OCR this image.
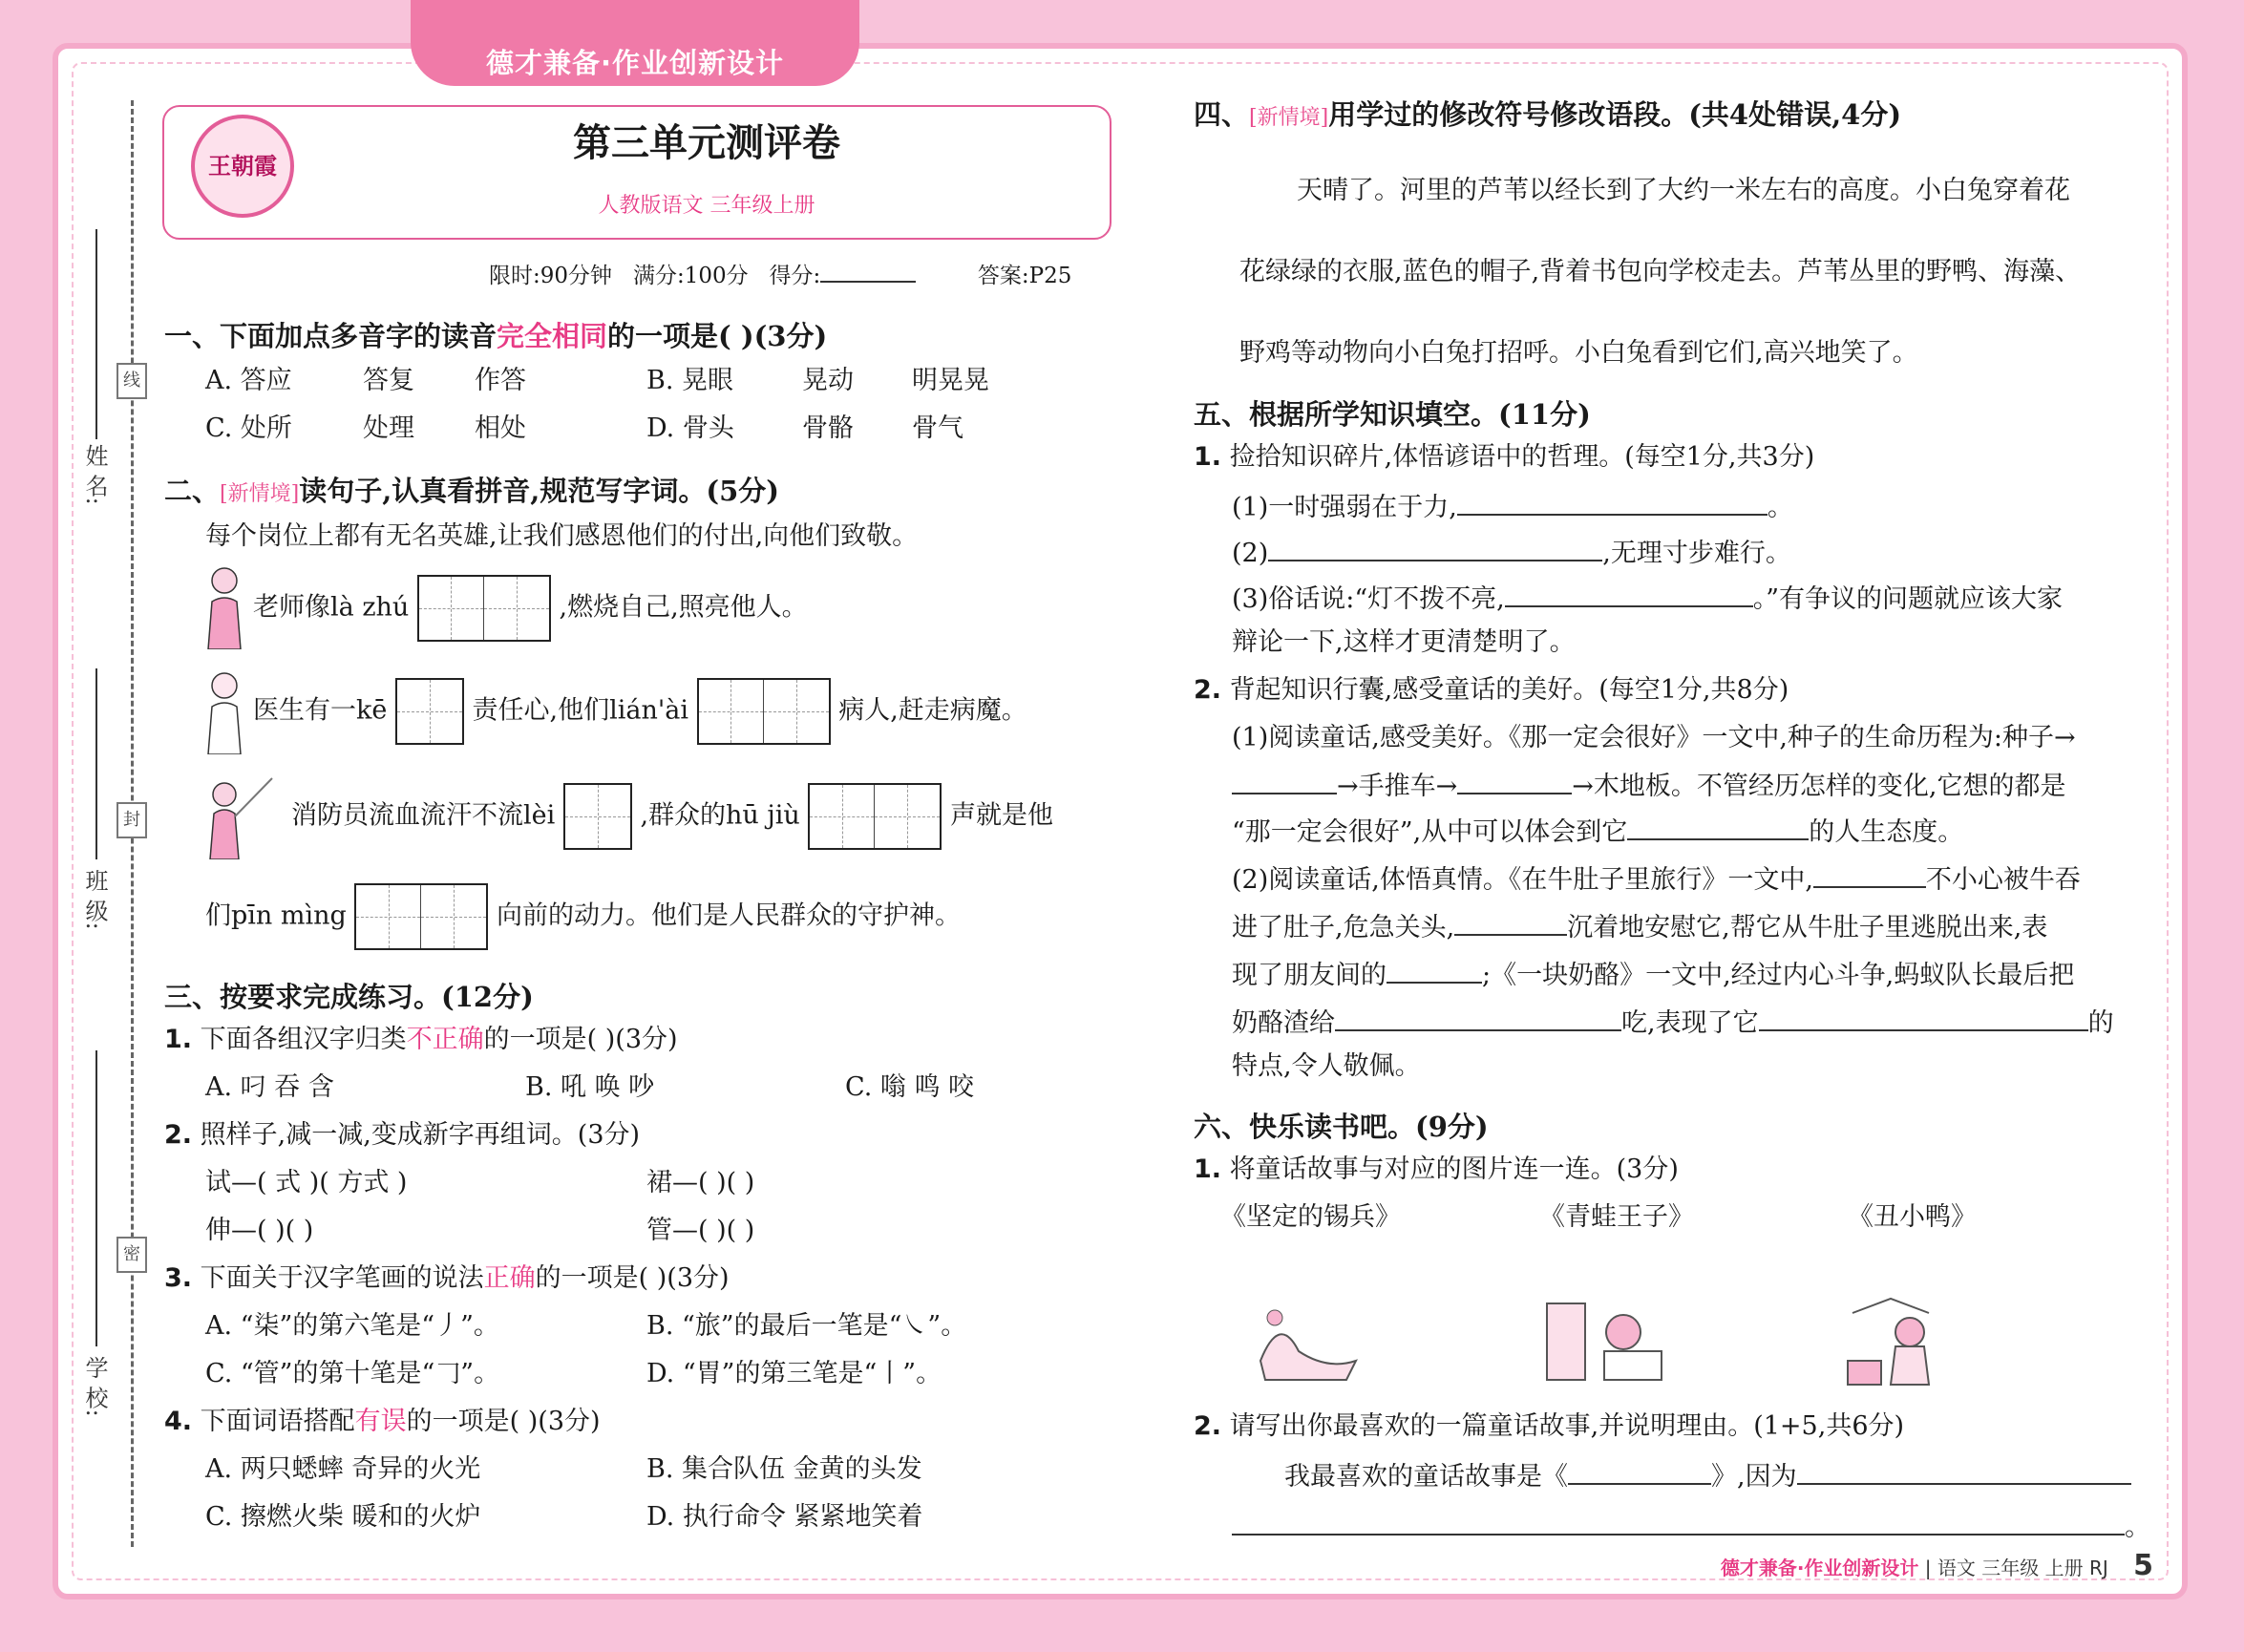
德才兼备·作业创新设计
线
封
密
姓 名:
班 级:
学 校:
王朝霞
第三单元测评卷
人教版语文 三年级上册
限时:90分钟 满分:100分 得分:	答案:P25
一、下面加点多音字的读音完全相同的一项是( )(3分)
A. 答应	答复 作答	B. 晃眼	晃动 明晃晃
C. 处所	处理 相处	D. 骨头	骨骼 骨气
二、[新情境]读句子,认真看拼音,规范写字词。(5分)
每个岗位上都有无名英雄,让我们感恩他们的付出,向他们致敬。
老师像là zhú	,燃烧自己,照亮他人。
医生有一kē	责任心,他们lián'ài	病人,赶走病魔。
消防员流血流汗不流lèi	,群众的hū jiù	声就是他
们pīn mìng	向前的动力。他们是人民群众的守护神。
三、按要求完成练习。(12分)
1. 下面各组汉字归类不正确的一项是( )(3分)
A. 叼 吞 含	B. 吼 唤 吵	C. 嗡 鸣 咬
2. 照样子,减一减,变成新字再组词。(3分)
试—( 式 )( 方式 )	裙—( )( )
伸—( )( )	管—( )( )
3. 下面关于汉字笔画的说法正确的一项是( )(3分)
A. “柒”的第六笔是“丿”。	B. “旅”的最后一笔是“㇏”。
C. “管”的第十笔是“𠃌”。	D. “胃”的第三笔是“丨”。
4. 下面词语搭配有误的一项是( )(3分)
A. 两只蟋蟀 奇异的火光	B. 集合队伍 金黄的头发
C. 擦燃火柴 暖和的火炉	D. 执行命令 紧紧地笑着
四、[新情境]用学过的修改符号修改语段。(共4处错误,4分)
天晴了。河里的芦苇以经长到了大约一米左右的高度。小白兔穿着花
花绿绿的衣服,蓝色的帽子,背着书包向学校走去。芦苇丛里的野鸭、海藻、
野鸡等动物向小白兔打招呼。小白兔看到它们,高兴地笑了。
五、根据所学知识填空。(11分)
1. 捡拾知识碎片,体悟谚语中的哲理。(每空1分,共3分)
(1)一时强弱在于力,	。
(2)	,无理寸步难行。
(3)俗话说:“灯不拨不亮,	。”有争议的问题就应该大家
辩论一下,这样才更清楚明了。
2. 背起知识行囊,感受童话的美好。(每空1分,共8分)
(1)阅读童话,感受美好。《那一定会很好》一文中,种子的生命历程为:种子→
→手推车→	→木地板。不管经历怎样的变化,它想的都是
“那一定会很好”,从中可以体会到它	的人生态度。
(2)阅读童话,体悟真情。《在牛肚子里旅行》一文中,	不小心被牛吞
进了肚子,危急关头,	沉着地安慰它,帮它从牛肚子里逃脱出来,表
现了朋友间的	;《一块奶酪》一文中,经过内心斗争,蚂蚁队长最后把
奶酪渣给	吃,表现了它	的
特点,令人敬佩。
六、快乐读书吧。(9分)
1. 将童话故事与对应的图片连一连。(3分)
《坚定的锡兵》	《青蛙王子》	《丑小鸭》
2. 请写出你最喜欢的一篇童话故事,并说明理由。(1+5,共6分)
我最喜欢的童话故事是《	》,因为
。
德才兼备·作业创新设计 | 语文 三年级 上册 RJ 5
